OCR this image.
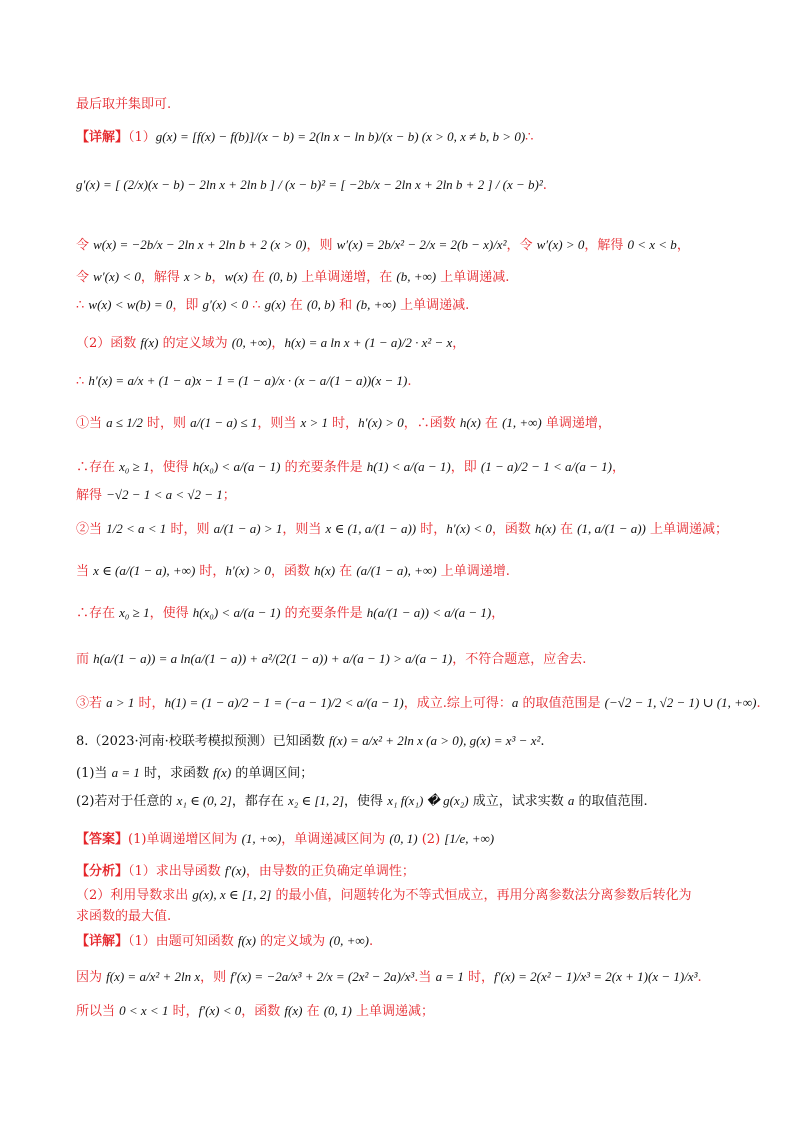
最后取并集即可.
【详解】（1）g(x) = [f(x) − f(b)]/(x − b) = 2(ln x − ln b)/(x − b) (x > 0, x ≠ b, b > 0)∴
g′(x) = [ (2/x)(x − b) − 2ln x + 2ln b ] / (x − b)² = [ −2b/x − 2ln x + 2ln b + 2 ] / (x − b)².
令 w(x) = −2b/x − 2ln x + 2ln b + 2 (x > 0)，则 w′(x) = 2b/x² − 2/x = 2(b − x)/x²，令 w′(x) > 0，解得 0 < x < b，
令 w′(x) < 0，解得 x > b，w(x) 在 (0, b) 上单调递增，在 (b, +∞) 上单调递减.
∴ w(x) < w(b) = 0，即 g′(x) < 0 ∴ g(x) 在 (0, b) 和 (b, +∞) 上单调递减.
（2）函数 f(x) 的定义域为 (0, +∞)，h(x) = a ln x + (1 − a)/2 · x² − x，
∴ h′(x) = a/x + (1 − a)x − 1 = (1 − a)/x · (x − a/(1 − a))(x − 1).
①当 a ≤ 1/2 时，则 a/(1 − a) ≤ 1，则当 x > 1 时，h′(x) > 0，∴函数 h(x) 在 (1, +∞) 单调递增，
∴存在 x₀ ≥ 1，使得 h(x₀) < a/(a − 1) 的充要条件是 h(1) < a/(a − 1)，即 (1 − a)/2 − 1 < a/(a − 1)，
解得 −√2 − 1 < a < √2 − 1；
②当 1/2 < a < 1 时，则 a/(1 − a) > 1，则当 x ∈ (1, a/(1 − a)) 时，h′(x) < 0，函数 h(x) 在 (1, a/(1 − a)) 上单调递减；
当 x ∈ (a/(1 − a), +∞) 时，h′(x) > 0，函数 h(x) 在 (a/(1 − a), +∞) 上单调递增.
∴存在 x₀ ≥ 1，使得 h(x₀) < a/(a − 1) 的充要条件是 h(a/(1 − a)) < a/(a − 1)，
而 h(a/(1 − a)) = a ln(a/(1 − a)) + a²/(2(1 − a)) + a/(a − 1) > a/(a − 1)，不符合题意，应舍去.
③若 a > 1 时，h(1) = (1 − a)/2 − 1 = (−a − 1)/2 < a/(a − 1)，成立.综上可得：a 的取值范围是 (−√2 − 1, √2 − 1) ∪ (1, +∞).
8.（2023·河南·校联考模拟预测）已知函数 f(x) = a/x² + 2ln x (a > 0), g(x) = x³ − x².
(1)当 a = 1 时，求函数 f(x) 的单调区间；
(2)若对于任意的 x₁ ∈ (0, 2]，都存在 x₂ ∈ [1, 2]，使得 x₁ f(x₁) � g(x₂) 成立，试求实数 a 的取值范围.
【答案】(1)单调递增区间为 (1, +∞)，单调递减区间为 (0, 1) (2) [1/e, +∞)
【分析】（1）求出导函数 f′(x)，由导数的正负确定单调性；
（2）利用导数求出 g(x), x ∈ [1, 2] 的最小值，问题转化为不等式恒成立，再用分离参数法分离参数后转化为
求函数的最大值.
【详解】（1）由题可知函数 f(x) 的定义域为 (0, +∞).
因为 f(x) = a/x² + 2ln x，则 f′(x) = −2a/x³ + 2/x = (2x² − 2a)/x³.当 a = 1 时，f′(x) = 2(x² − 1)/x³ = 2(x + 1)(x − 1)/x³.
所以当 0 < x < 1 时，f′(x) < 0，函数 f(x) 在 (0, 1) 上单调递减；
